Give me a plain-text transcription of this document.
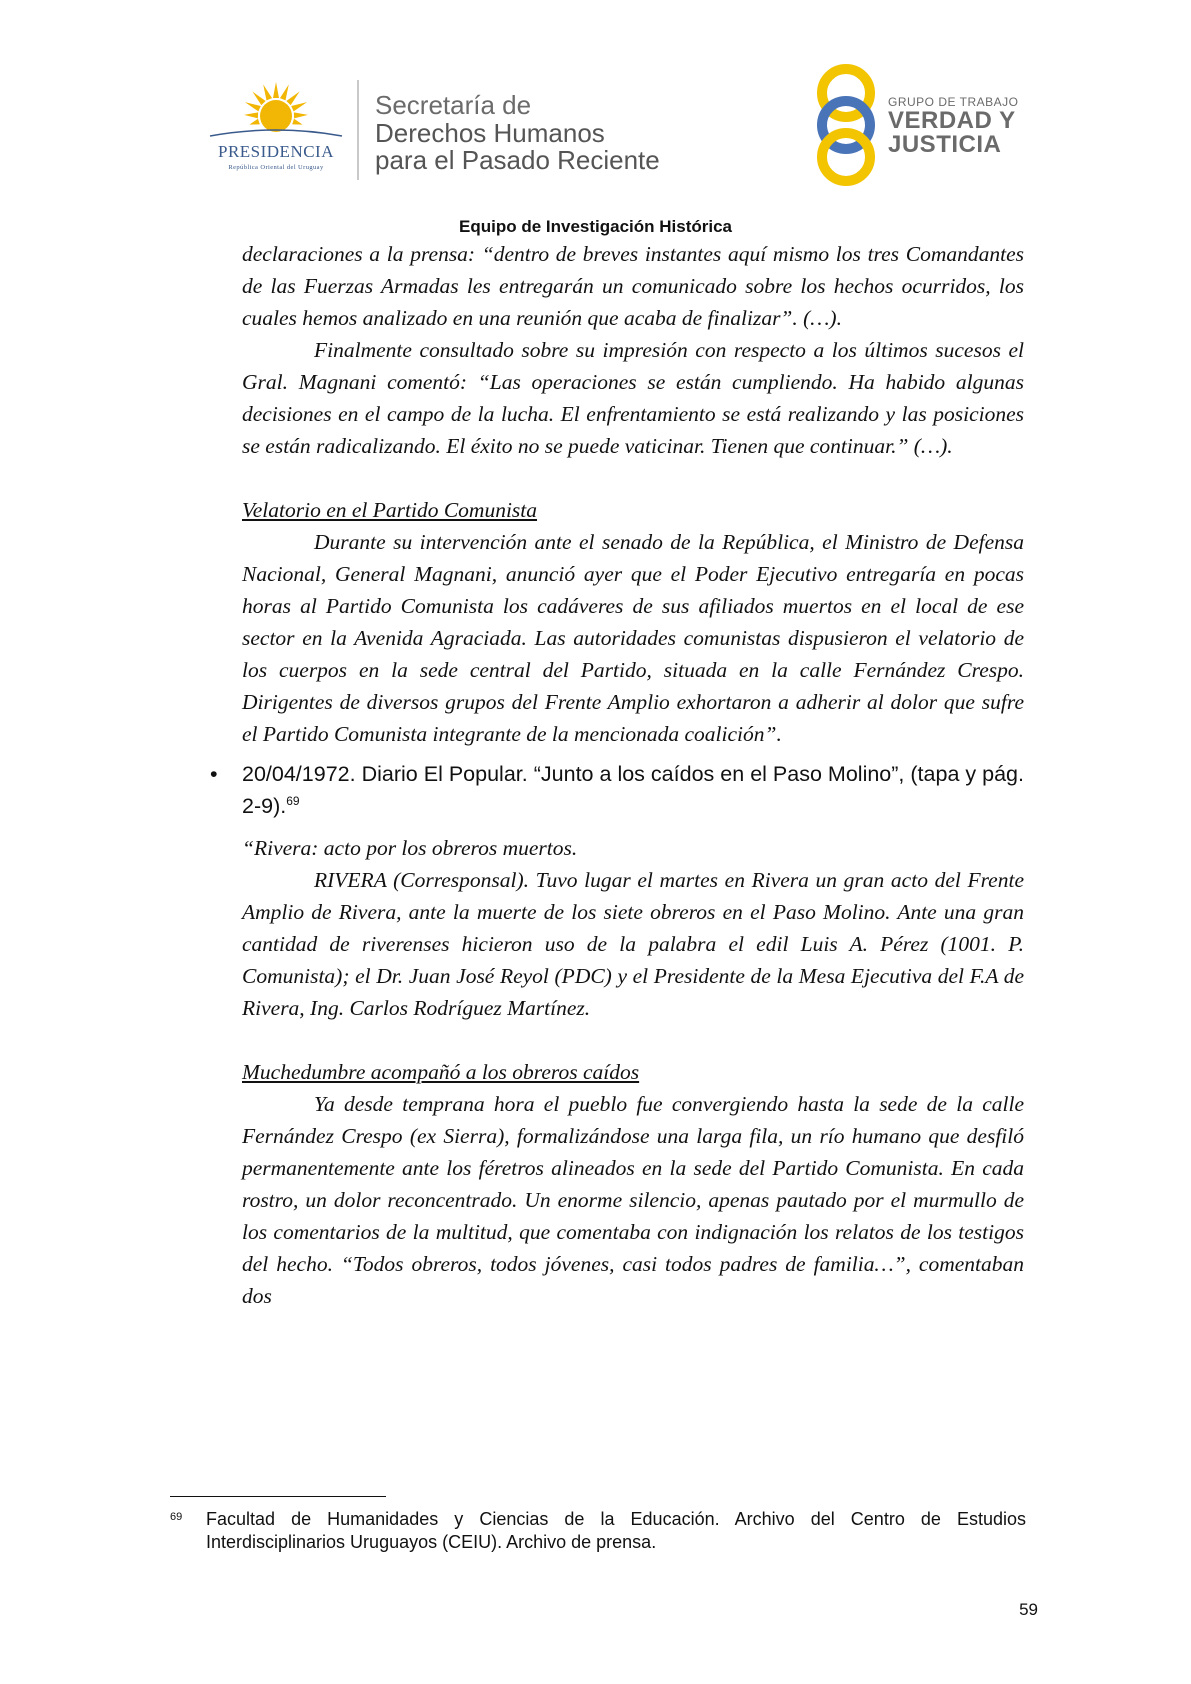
PRESIDENCIA
República Oriental del Uruguay
Secretaría de
Derechos Humanos
para el Pasado Reciente
GRUPO DE TRABAJO
VERDAD Y
JUSTICIA
Equipo de Investigación Histórica

declaraciones a la prensa: “dentro de breves instantes aquí mismo los tres Comandantes de las Fuerzas Armadas les entregarán un comunicado sobre los hechos ocurridos, los cuales hemos analizado en una reunión que acaba de finalizar”. (…).

Finalmente consultado sobre su impresión con respecto a los últimos sucesos el Gral. Magnani comentó: “Las operaciones se están cumpliendo. Ha habido algunas decisiones en el campo de la lucha. El enfrentamiento se está realizando y las posiciones se están radicalizando. El éxito no se puede vaticinar. Tienen que continuar.” (…).

Velatorio en el Partido Comunista

Durante su intervención ante el senado de la República, el Ministro de Defensa Nacional, General Magnani, anunció ayer que el Poder Ejecutivo entregaría en pocas horas al Partido Comunista los cadáveres de sus afiliados muertos en el local de ese sector en la Avenida Agraciada. Las autoridades comunistas dispusieron el velatorio de los cuerpos en la sede central del Partido, situada en la calle Fernández Crespo. Dirigentes de diversos grupos del Frente Amplio exhortaron a adherir al dolor que sufre el Partido Comunista integrante de la mencionada coalición”.

• 20/04/1972. Diario El Popular. “Junto a los caídos en el Paso Molino”, (tapa y pág. 2-9).$^{69}$

“Rivera: acto por los obreros muertos.

RIVERA (Corresponsal). Tuvo lugar el martes en Rivera un gran acto del Frente Amplio de Rivera, ante la muerte de los siete obreros en el Paso Molino. Ante una gran cantidad de riverenses hicieron uso de la palabra el edil Luis A. Pérez (1001. P. Comunista); el Dr. Juan José Reyol (PDC) y el Presidente de la Mesa Ejecutiva del F.A de Rivera, Ing. Carlos Rodríguez Martínez.

Muchedumbre acompañó a los obreros caídos

Ya desde temprana hora el pueblo fue convergiendo hasta la sede de la calle Fernández Crespo (ex Sierra), formalizándose una larga fila, un río humano que desfiló permanentemente ante los féretros alineados en la sede del Partido Comunista. En cada rostro, un dolor reconcentrado. Un enorme silencio, apenas pautado por el murmullo de los comentarios de la multitud, que comentaba con indignación los relatos de los testigos del hecho. “Todos obreros, todos jóvenes, casi todos padres de familia…”, comentaban dos

69 Facultad de Humanidades y Ciencias de la Educación. Archivo del Centro de Estudios Interdisciplinarios Uruguayos (CEIU). Archivo de prensa.
59
